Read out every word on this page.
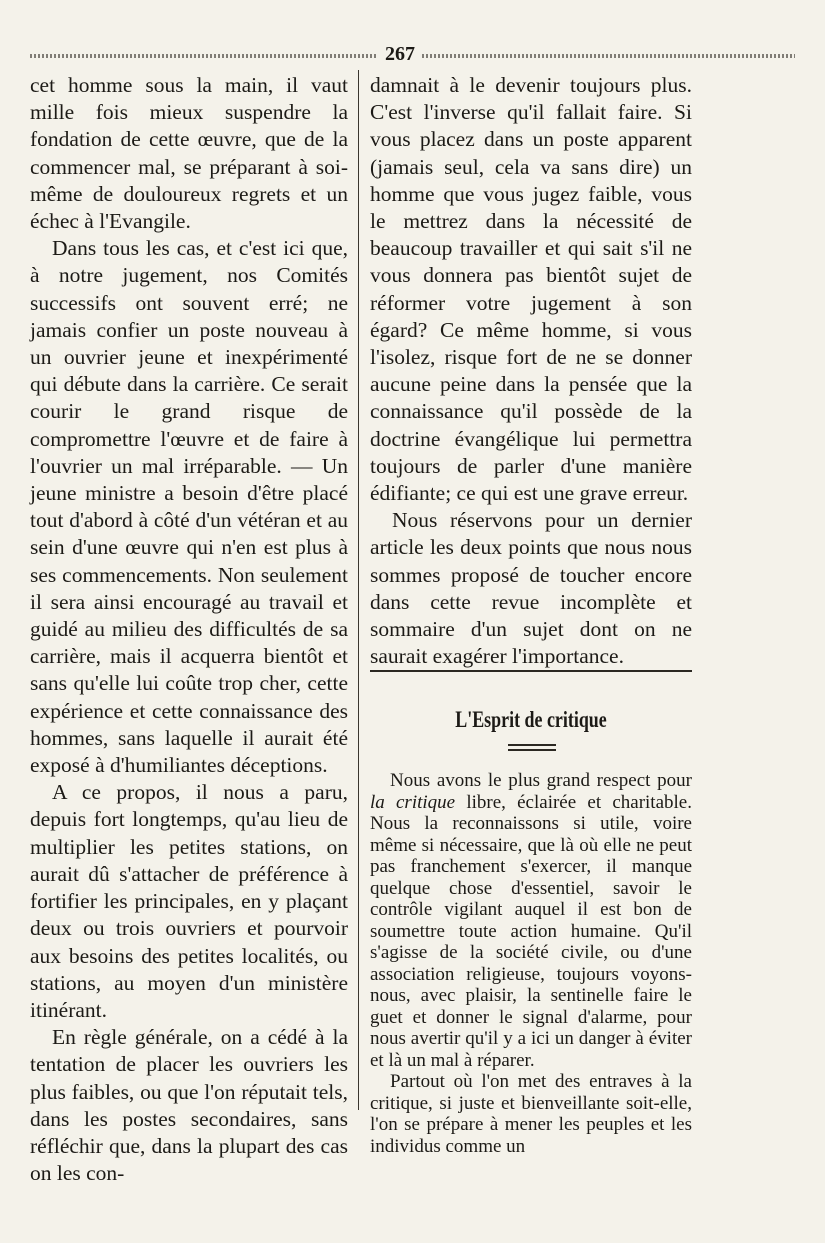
267

cet homme sous la main, il vaut mille fois mieux suspendre la fondation de cette œuvre, que de la commencer mal, se préparant à soi-même de douloureux regrets et un échec à l'Evangile.

Dans tous les cas, et c'est ici que, à notre jugement, nos Comités successifs ont souvent erré; ne jamais confier un poste nouveau à un ouvrier jeune et inexpérimenté qui débute dans la carrière. Ce serait courir le grand risque de compromettre l'œuvre et de faire à l'ouvrier un mal irréparable. — Un jeune ministre a besoin d'être placé tout d'abord à côté d'un vétéran et au sein d'une œuvre qui n'en est plus à ses commencements. Non seulement il sera ainsi encouragé au travail et guidé au milieu des difficultés de sa carrière, mais il acquerra bientôt et sans qu'elle lui coûte trop cher, cette expérience et cette connaissance des hommes, sans laquelle il aurait été exposé à d'humiliantes déceptions.

A ce propos, il nous a paru, depuis fort longtemps, qu'au lieu de multiplier les petites stations, on aurait dû s'attacher de préférence à fortifier les principales, en y plaçant deux ou trois ouvriers et pourvoir aux besoins des petites localités, ou stations, au moyen d'un ministère itinérant.

En règle générale, on a cédé à la tentation de placer les ouvriers les plus faibles, ou que l'on réputait tels, dans les postes secondaires, sans réfléchir que, dans la plupart des cas on les con-

damnait à le devenir toujours plus. C'est l'inverse qu'il fallait faire. Si vous placez dans un poste apparent (jamais seul, cela va sans dire) un homme que vous jugez faible, vous le mettrez dans la nécessité de beaucoup travailler et qui sait s'il ne vous donnera pas bientôt sujet de réformer votre jugement à son égard? Ce même homme, si vous l'isolez, risque fort de ne se donner aucune peine dans la pensée que la connaissance qu'il possède de la doctrine évangélique lui permettra toujours de parler d'une manière édifiante; ce qui est une grave erreur.

Nous réservons pour un dernier article les deux points que nous nous sommes proposé de toucher encore dans cette revue incomplète et sommaire d'un sujet dont on ne saurait exagérer l'importance.

L'Esprit de critique

Nous avons le plus grand respect pour la critique libre, éclairée et charitable. Nous la reconnaissons si utile, voire même si nécessaire, que là où elle ne peut pas franchement s'exercer, il manque quelque chose d'essentiel, savoir le contrôle vigilant auquel il est bon de soumettre toute action humaine. Qu'il s'agisse de la société civile, ou d'une association religieuse, toujours voyons-nous, avec plaisir, la sentinelle faire le guet et donner le signal d'alarme, pour nous avertir qu'il y a ici un danger à éviter et là un mal à réparer.

Partout où l'on met des entraves à la critique, si juste et bienveillante soit-elle, l'on se prépare à mener les peuples et les individus comme un
